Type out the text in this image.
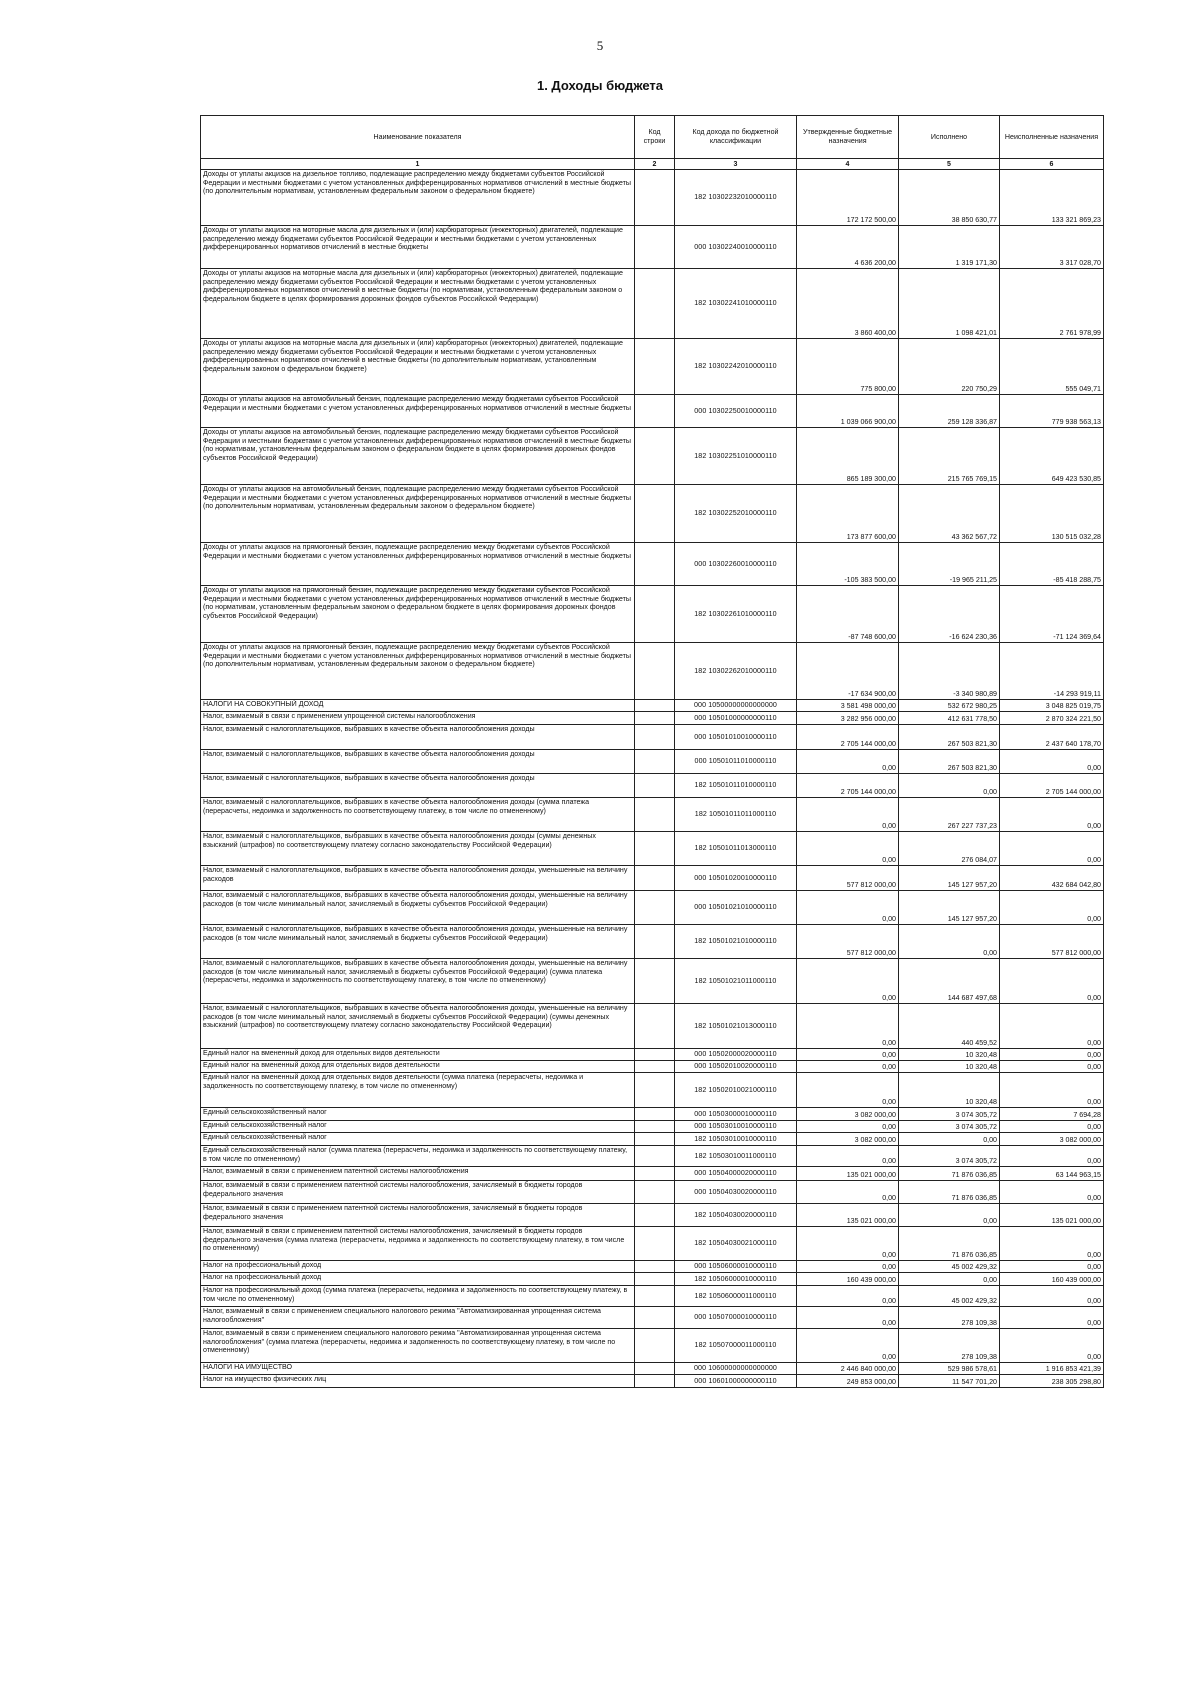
5
1. Доходы бюджета
Наименование показателя	Код строки	Код дохода по бюджетной классификации	Утвержденные бюджетные назначения	Исполнено	Неисполненные назначения
1	2	3	4	5	6
Доходы от уплаты акцизов на дизельное топливо, подлежащие распределению между бюджетами субъектов Российской Федерации и местными бюджетами с учетом установленных дифференцированных нормативов отчислений в местные бюджеты (по дополнительным нормативам, установленным федеральным законом о федеральном бюджете)		182 10302232010000110	172 172 500,00	38 850 630,77	133 321 869,23
Доходы от уплаты акцизов на моторные масла для дизельных и (или) карбюраторных (инжекторных) двигателей, подлежащие распределению между бюджетами субъектов Российской Федерации и местными бюджетами с учетом установленных дифференцированных нормативов отчислений в местные бюджеты		000 10302240010000110	4 636 200,00	1 319 171,30	3 317 028,70
Доходы от уплаты акцизов на моторные масла для дизельных и (или) карбюраторных (инжекторных) двигателей, подлежащие распределению между бюджетами субъектов Российской Федерации и местными бюджетами с учетом установленных дифференцированных нормативов отчислений в местные бюджеты (по нормативам, установленным федеральным законом о федеральном бюджете в целях формирования дорожных фондов субъектов Российской Федерации)		182 10302241010000110	3 860 400,00	1 098 421,01	2 761 978,99
Доходы от уплаты акцизов на моторные масла для дизельных и (или) карбюраторных (инжекторных) двигателей, подлежащие распределению между бюджетами субъектов Российской Федерации и местными бюджетами с учетом установленных дифференцированных нормативов отчислений в местные бюджеты (по дополнительным нормативам, установленным федеральным законом о федеральном бюджете)		182 10302242010000110	775 800,00	220 750,29	555 049,71
Доходы от уплаты акцизов на автомобильный бензин, подлежащие распределению между бюджетами субъектов Российской Федерации и местными бюджетами с учетом установленных дифференцированных нормативов отчислений в местные бюджеты		000 10302250010000110	1 039 066 900,00	259 128 336,87	779 938 563,13
Доходы от уплаты акцизов на автомобильный бензин, подлежащие распределению между бюджетами субъектов Российской Федерации и местными бюджетами с учетом установленных дифференцированных нормативов отчислений в местные бюджеты (по нормативам, установленным федеральным законом о федеральном бюджете в целях формирования дорожных фондов субъектов Российской Федерации)		182 10302251010000110	865 189 300,00	215 765 769,15	649 423 530,85
Доходы от уплаты акцизов на автомобильный бензин, подлежащие распределению между бюджетами субъектов Российской Федерации и местными бюджетами с учетом установленных дифференцированных нормативов отчислений в местные бюджеты (по дополнительным нормативам, установленным федеральным законом о федеральном бюджете)		182 10302252010000110	173 877 600,00	43 362 567,72	130 515 032,28
Доходы от уплаты акцизов на прямогонный бензин, подлежащие распределению между бюджетами субъектов Российской Федерации и местными бюджетами с учетом установленных дифференцированных нормативов отчислений в местные бюджеты		000 10302260010000110	-105 383 500,00	-19 965 211,25	-85 418 288,75
Доходы от уплаты акцизов на прямогонный бензин, подлежащие распределению между бюджетами субъектов Российской Федерации и местными бюджетами с учетом установленных дифференцированных нормативов отчислений в местные бюджеты (по нормативам, установленным федеральным законом о федеральном бюджете в целях формирования дорожных фондов субъектов Российской Федерации)		182 10302261010000110	-87 748 600,00	-16 624 230,36	-71 124 369,64
Доходы от уплаты акцизов на прямогонный бензин, подлежащие распределению между бюджетами субъектов Российской Федерации и местными бюджетами с учетом установленных дифференцированных нормативов отчислений в местные бюджеты (по дополнительным нормативам, установленным федеральным законом о федеральном бюджете)		182 10302262010000110	-17 634 900,00	-3 340 980,89	-14 293 919,11
НАЛОГИ НА СОВОКУПНЫЙ ДОХОД		000 10500000000000000	3 581 498 000,00	532 672 980,25	3 048 825 019,75
Налог, взимаемый в связи с применением упрощенной системы налогообложения		000 10501000000000110	3 282 956 000,00	412 631 778,50	2 870 324 221,50
Налог, взимаемый с налогоплательщиков, выбравших в качестве объекта налогообложения доходы		000 10501010010000110	2 705 144 000,00	267 503 821,30	2 437 640 178,70
Налог, взимаемый с налогоплательщиков, выбравших в качестве объекта налогообложения доходы		000 10501011010000110	0,00	267 503 821,30	0,00
Налог, взимаемый с налогоплательщиков, выбравших в качестве объекта налогообложения доходы		182 10501011010000110	2 705 144 000,00	0,00	2 705 144 000,00
Налог, взимаемый с налогоплательщиков, выбравших в качестве объекта налогообложения доходы (сумма платежа (перерасчеты, недоимка и задолженность по соответствующему платежу, в том числе по отмененному)		182 10501011011000110	0,00	267 227 737,23	0,00
Налог, взимаемый с налогоплательщиков, выбравших в качестве объекта налогообложения доходы (суммы денежных взысканий (штрафов) по соответствующему платежу согласно законодательству Российской Федерации)		182 10501011013000110	0,00	276 084,07	0,00
Налог, взимаемый с налогоплательщиков, выбравших в качестве объекта налогообложения доходы, уменьшенные на величину расходов		000 10501020010000110	577 812 000,00	145 127 957,20	432 684 042,80
Налог, взимаемый с налогоплательщиков, выбравших в качестве объекта налогообложения доходы, уменьшенные на величину расходов (в том числе минимальный налог, зачисляемый в бюджеты субъектов Российской Федерации)		000 10501021010000110	0,00	145 127 957,20	0,00
Налог, взимаемый с налогоплательщиков, выбравших в качестве объекта налогообложения доходы, уменьшенные на величину расходов (в том числе минимальный налог, зачисляемый в бюджеты субъектов Российской Федерации)		182 10501021010000110	577 812 000,00	0,00	577 812 000,00
Налог, взимаемый с налогоплательщиков, выбравших в качестве объекта налогообложения доходы, уменьшенные на величину расходов (в том числе минимальный налог, зачисляемый в бюджеты субъектов Российской Федерации) (сумма платежа (перерасчеты, недоимка и задолженность по соответствующему платежу, в том числе по отмененному)		182 10501021011000110	0,00	144 687 497,68	0,00
Налог, взимаемый с налогоплательщиков, выбравших в качестве объекта налогообложения доходы, уменьшенные на величину расходов (в том числе минимальный налог, зачисляемый в бюджеты субъектов Российской Федерации) (суммы денежных взысканий (штрафов) по соответствующему платежу согласно законодательству Российской Федерации)		182 10501021013000110	0,00	440 459,52	0,00
Единый налог на вмененный доход для отдельных видов деятельности		000 10502000020000110	0,00	10 320,48	0,00
Единый налог на вмененный доход для отдельных видов деятельности		000 10502010020000110	0,00	10 320,48	0,00
Единый налог на вмененный доход для отдельных видов деятельности (сумма платежа (перерасчеты, недоимка и задолженность по соответствующему платежу, в том числе по отмененному)		182 10502010021000110	0,00	10 320,48	0,00
Единый сельскохозяйственный налог		000 10503000010000110	3 082 000,00	3 074 305,72	7 694,28
Единый сельскохозяйственный налог		000 10503010010000110	0,00	3 074 305,72	0,00
Единый сельскохозяйственный налог		182 10503010010000110	3 082 000,00	0,00	3 082 000,00
Единый сельскохозяйственный налог (сумма платежа (перерасчеты, недоимка и задолженность по соответствующему платежу, в том числе по отмененному)		182 10503010011000110	0,00	3 074 305,72	0,00
Налог, взимаемый в связи с применением патентной системы налогообложения		000 10504000020000110	135 021 000,00	71 876 036,85	63 144 963,15
Налог, взимаемый в связи с применением патентной системы налогообложения, зачисляемый в бюджеты городов федерального значения		000 10504030020000110	0,00	71 876 036,85	0,00
Налог, взимаемый в связи с применением патентной системы налогообложения, зачисляемый в бюджеты городов федерального значения		182 10504030020000110	135 021 000,00	0,00	135 021 000,00
Налог, взимаемый в связи с применением патентной системы налогообложения, зачисляемый в бюджеты городов федерального значения (сумма платежа (перерасчеты, недоимка и задолженность по соответствующему платежу, в том числе по отмененному)		182 10504030021000110	0,00	71 876 036,85	0,00
Налог на профессиональный доход		000 10506000010000110	0,00	45 002 429,32	0,00
Налог на профессиональный доход		182 10506000010000110	160 439 000,00	0,00	160 439 000,00
Налог на профессиональный доход (сумма платежа (перерасчеты, недоимка и задолженность по соответствующему платежу, в том числе по отмененному)		182 10506000011000110	0,00	45 002 429,32	0,00
Налог, взимаемый в связи с применением специального налогового режима "Автоматизированная упрощенная система налогообложения"		000 10507000010000110	0,00	278 109,38	0,00
Налог, взимаемый в связи с применением специального налогового режима "Автоматизированная упрощенная система налогообложения" (сумма платежа (перерасчеты, недоимка и задолженность по соответствующему платежу, в том числе по отмененному)		182 10507000011000110	0,00	278 109,38	0,00
НАЛОГИ НА ИМУЩЕСТВО		000 10600000000000000	2 446 840 000,00	529 986 578,61	1 916 853 421,39
Налог на имущество физических лиц		000 10601000000000110	249 853 000,00	11 547 701,20	238 305 298,80
